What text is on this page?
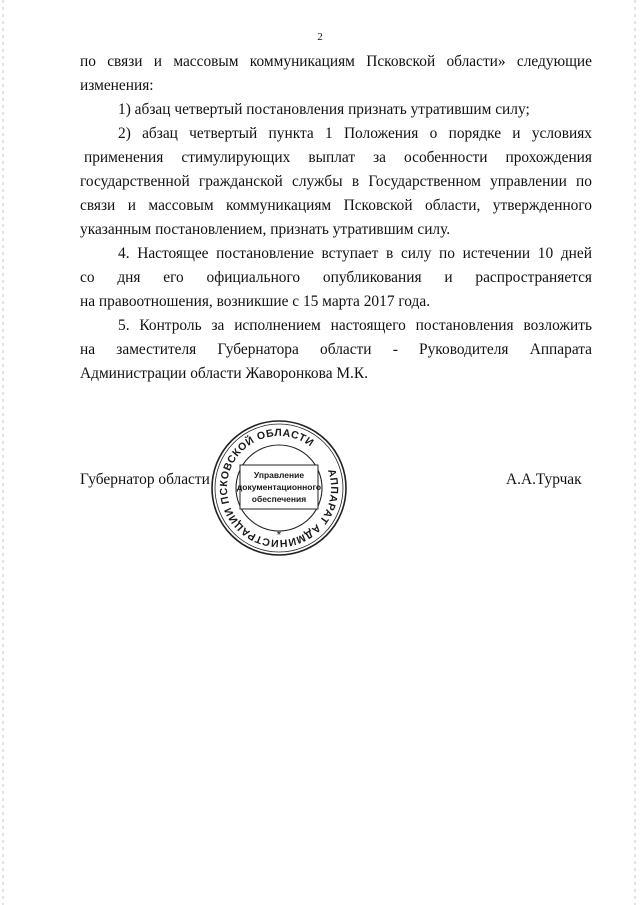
2
по связи и массовым коммуникациям Псковской области» следующие
изменения:
1) абзац четвертый постановления признать утратившим силу;
2) абзац четвертый пункта 1 Положения о порядке и условиях
применения стимулирующих выплат за особенности прохождения
государственной гражданской службы в Государственном управлении по
связи и массовым коммуникациям Псковской области, утвержденного
указанным постановлением, признать утратившим силу.
4. Настоящее постановление вступает в силу по истечении 10 дней
со дня его официального опубликования и распространяется
на правоотношения, возникшие с 15 марта 2017 года.
5. Контроль за исполнением настоящего постановления возложить
на заместителя Губернатора области - Руководителя Аппарата
Администрации области Жаворонкова М.К.
Губернатор области	АППАРАТ АДМИНИСТРАЦИИ ПСКОВСКОЙ ОБЛАСТИ
Управление
документационного
обеспечения
*
А.А.Турчак
